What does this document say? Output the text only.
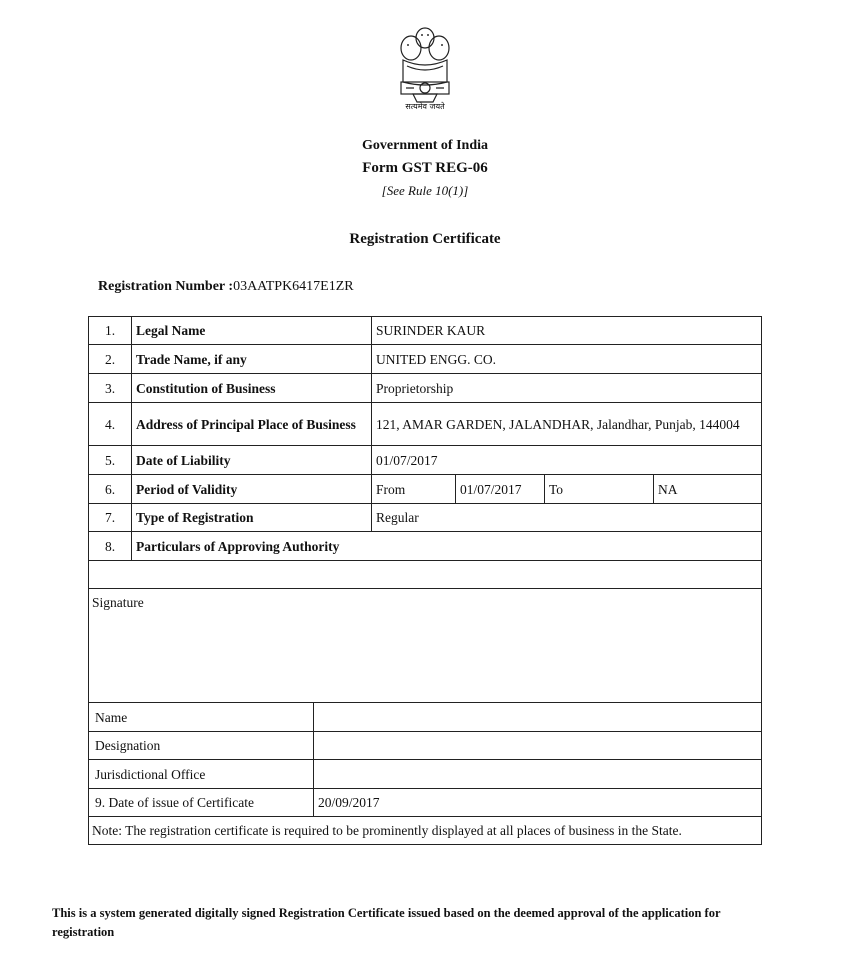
सत्यमेव जयते
Government of India
Form GST REG-06
[See Rule 10(1)]
Registration Certificate
Registration Number :03AATPK6417E1ZR
1.	Legal Name	SURINDER KAUR			
2.	Trade Name, if any	UNITED ENGG. CO.			
3.	Constitution of Business	Proprietorship			
4.	Address of Principal Place of Business	121, AMAR GARDEN, JALANDHAR, Jalandhar, Punjab, 144004			
5.	Date of Liability	01/07/2017			
6.	Period of Validity	From	01/07/2017	To	NA
7.	Type of Registration	Regular			
8.	Particulars of Approving Authority				

Signature	
Name	
Designation	
Jurisdictional Office	
9. Date of issue of Certificate	20/09/2017
Note: The registration certificate is required to be prominently displayed at all places of business in the State.	
This is a system generated digitally signed Registration Certificate issued based on the deemed approval of the application for registration
